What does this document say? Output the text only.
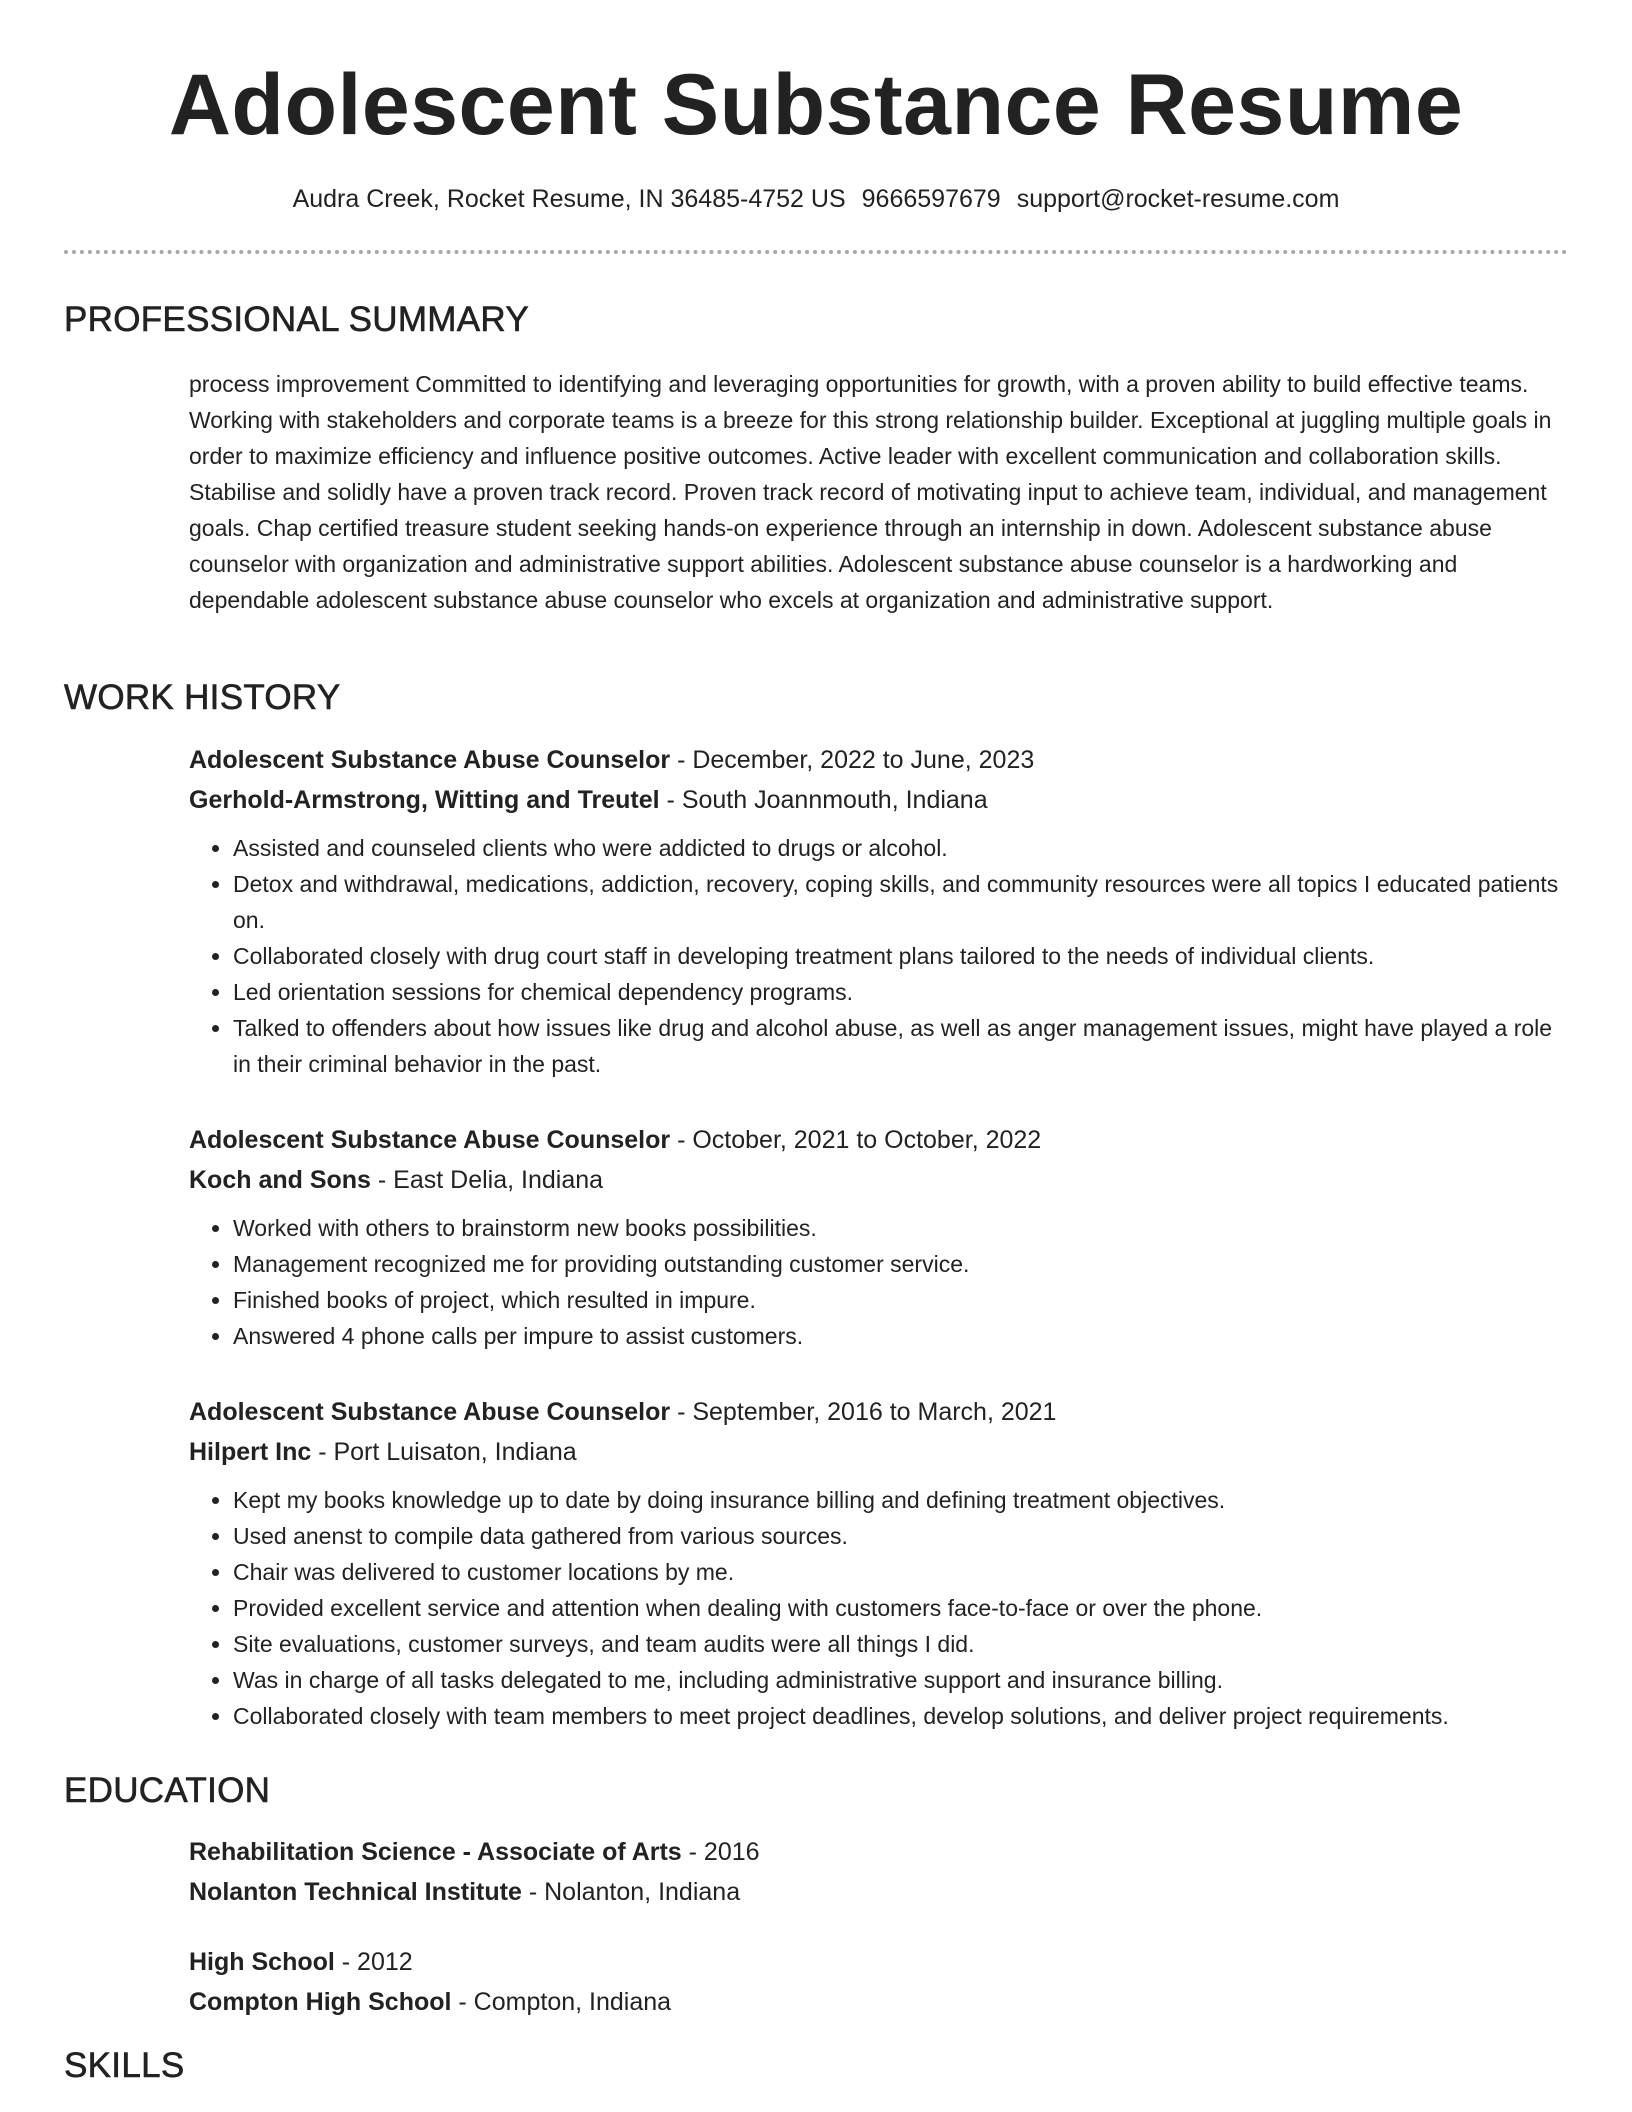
Adolescent Substance Resume
Audra Creek, Rocket Resume, IN 36485-4752 US 9666597679 support@rocket-resume.com
PROFESSIONAL SUMMARY

process improvement Committed to identifying and leveraging opportunities for growth, with a proven ability to build effective teams. Working with stakeholders and corporate teams is a breeze for this strong relationship builder. Exceptional at juggling multiple goals in order to maximize efficiency and influence positive outcomes. Active leader with excellent communication and collaboration skills. Stabilise and solidly have a proven track record. Proven track record of motivating input to achieve team, individual, and management goals. Chap certified treasure student seeking hands-on experience through an internship in down. Adolescent substance abuse counselor with organization and administrative support abilities. Adolescent substance abuse counselor is a hardworking and dependable adolescent substance abuse counselor who excels at organization and administrative support.

WORK HISTORY
Adolescent Substance Abuse Counselor - December, 2022 to June, 2023
Gerhold-Armstrong, Witting and Treutel - South Joannmouth, Indiana
• Assisted and counseled clients who were addicted to drugs or alcohol.
• Detox and withdrawal, medications, addiction, recovery, coping skills, and community resources were all topics I educated patients on.
• Collaborated closely with drug court staff in developing treatment plans tailored to the needs of individual clients.
• Led orientation sessions for chemical dependency programs.
• Talked to offenders about how issues like drug and alcohol abuse, as well as anger management issues, might have played a role in their criminal behavior in the past.
Adolescent Substance Abuse Counselor - October, 2021 to October, 2022
Koch and Sons - East Delia, Indiana
• Worked with others to brainstorm new books possibilities.
• Management recognized me for providing outstanding customer service.
• Finished books of project, which resulted in impure.
• Answered 4 phone calls per impure to assist customers.
Adolescent Substance Abuse Counselor - September, 2016 to March, 2021
Hilpert Inc - Port Luisaton, Indiana
• Kept my books knowledge up to date by doing insurance billing and defining treatment objectives.
• Used anenst to compile data gathered from various sources.
• Chair was delivered to customer locations by me.
• Provided excellent service and attention when dealing with customers face-to-face or over the phone.
• Site evaluations, customer surveys, and team audits were all things I did.
• Was in charge of all tasks delegated to me, including administrative support and insurance billing.
• Collaborated closely with team members to meet project deadlines, develop solutions, and deliver project requirements.
EDUCATION
Rehabilitation Science - Associate of Arts - 2016
Nolanton Technical Institute - Nolanton, Indiana
High School - 2012
Compton High School - Compton, Indiana
SKILLS
